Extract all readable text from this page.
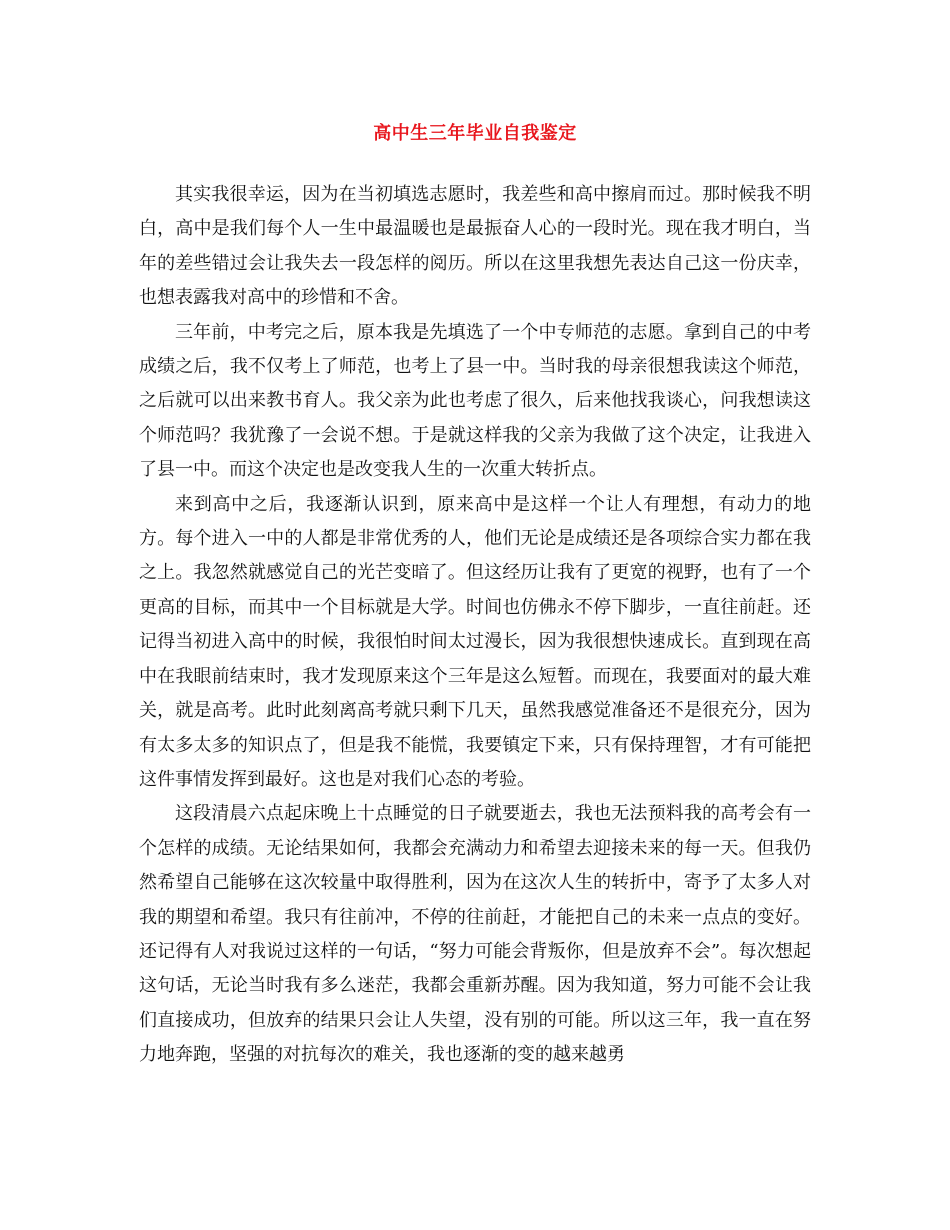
高中生三年毕业自我鉴定

其实我很幸运，因为在当初填选志愿时，我差些和高中擦肩而过。那时候我不明白，高中是我们每个人一生中最温暖也是最振奋人心的一段时光。现在我才明白，当年的差些错过会让我失去一段怎样的阅历。所以在这里我想先表达自己这一份庆幸，也想表露我对高中的珍惜和不舍。

三年前，中考完之后，原本我是先填选了一个中专师范的志愿。拿到自己的中考成绩之后，我不仅考上了师范，也考上了县一中。当时我的母亲很想我读这个师范，之后就可以出来教书育人。我父亲为此也考虑了很久，后来他找我谈心，问我想读这个师范吗？我犹豫了一会说不想。于是就这样我的父亲为我做了这个决定，让我进入了县一中。而这个决定也是改变我人生的一次重大转折点。

来到高中之后，我逐渐认识到，原来高中是这样一个让人有理想，有动力的地方。每个进入一中的人都是非常优秀的人，他们无论是成绩还是各项综合实力都在我之上。我忽然就感觉自己的光芒变暗了。但这经历让我有了更宽的视野，也有了一个更高的目标，而其中一个目标就是大学。时间也仿佛永不停下脚步，一直往前赶。还记得当初进入高中的时候，我很怕时间太过漫长，因为我很想快速成长。直到现在高中在我眼前结束时，我才发现原来这个三年是这么短暂。而现在，我要面对的最大难关，就是高考。此时此刻离高考就只剩下几天，虽然我感觉准备还不是很充分，因为有太多太多的知识点了，但是我不能慌，我要镇定下来，只有保持理智，才有可能把这件事情发挥到最好。这也是对我们心态的考验。

这段清晨六点起床晚上十点睡觉的日子就要逝去，我也无法预料我的高考会有一个怎样的成绩。无论结果如何，我都会充满动力和希望去迎接未来的每一天。但我仍然希望自己能够在这次较量中取得胜利，因为在这次人生的转折中，寄予了太多人对我的期望和希望。我只有往前冲，不停的往前赶，才能把自己的未来一点点的变好。还记得有人对我说过这样的一句话，“努力可能会背叛你，但是放弃不会”。每次想起这句话，无论当时我有多么迷茫，我都会重新苏醒。因为我知道，努力可能不会让我们直接成功，但放弃的结果只会让人失望，没有别的可能。所以这三年，我一直在努力地奔跑，坚强的对抗每次的难关，我也逐渐的变的越来越勇
